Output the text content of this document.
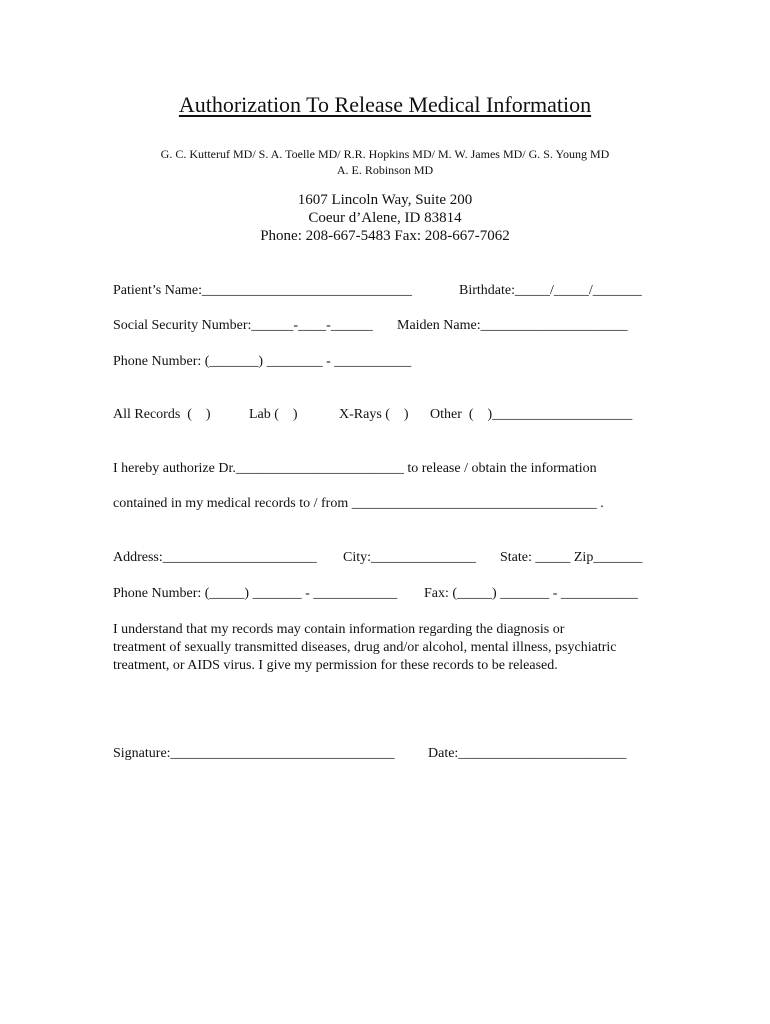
Authorization To Release Medical Information
G. C. Kutteruf MD/ S. A. Toelle MD/ R.R. Hopkins MD/ M. W. James MD/ G. S. Young MD
A. E. Robinson MD
1607 Lincoln Way, Suite 200
Coeur d’Alene, ID 83814
Phone: 208-667-5483 Fax: 208-667-7062
Patient’s Name:______________________________	Birthdate:_____/_____/_______
Social Security Number:______-____-______ Maiden Name:_____________________
Phone Number: (_______) ________ - ___________
All Records  (    )	Lab (    )	X-Rays (    ) Other  (    )____________________
I hereby authorize Dr.________________________ to release / obtain the information
contained in my medical records to / from ___________________________________ .
Address:______________________ City:_______________ State: _____ Zip_______
Phone Number: (_____) _______ - ____________ Fax: (_____) _______ - ___________
I understand that my records may contain information regarding the diagnosis or
treatment of sexually transmitted diseases, drug and/or alcohol, mental illness, psychiatric
treatment, or AIDS virus. I give my permission for these records to be released.
Signature:________________________________ Date:________________________
